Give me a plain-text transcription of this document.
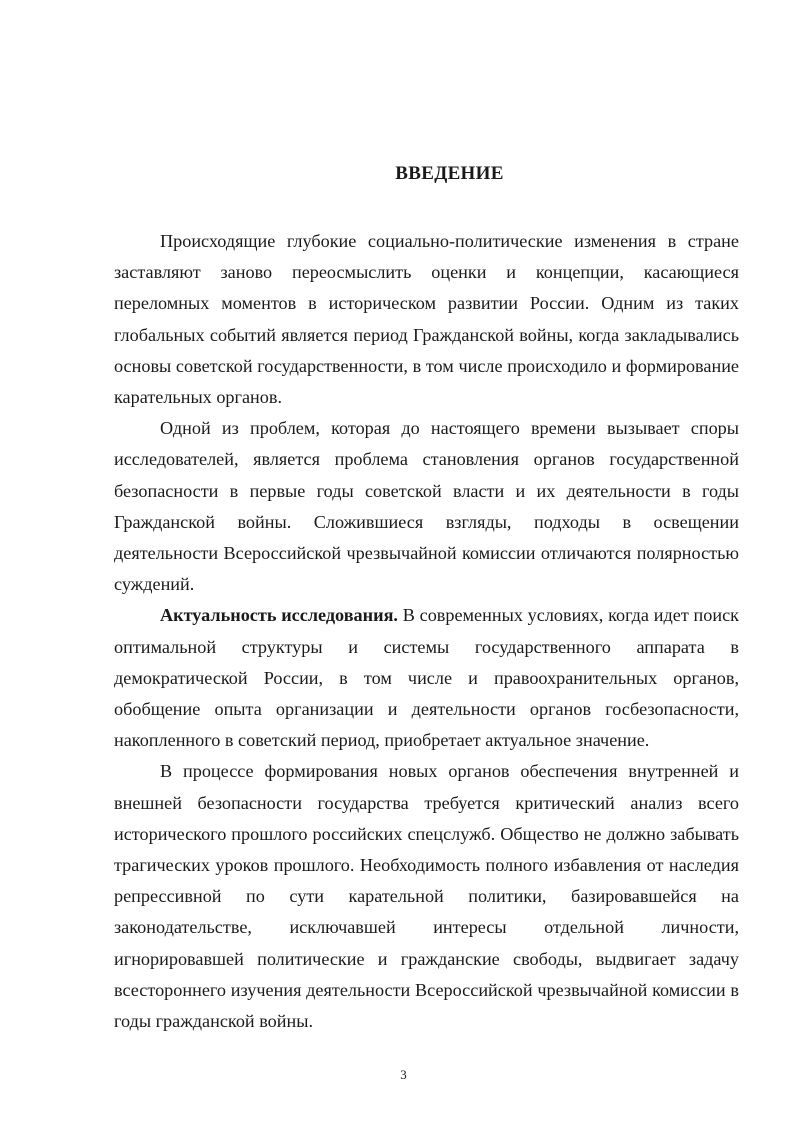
ВВЕДЕНИЕ

Происходящие глубокие социально-политические изменения в стране заставляют заново переосмыслить оценки и концепции, касающиеся переломных моментов в историческом развитии России. Одним из таких глобальных событий является период Гражданской войны, когда закладывались основы советской государственности, в том числе происходило и формирование карательных органов.

Одной из проблем, которая до настоящего времени вызывает споры исследователей, является проблема становления органов государственной безопасности в первые годы советской власти и их деятельности в годы Гражданской войны. Сложившиеся взгляды, подходы в освещении деятельности Всероссийской чрезвычайной комиссии отличаются полярностью суждений.

Актуальность исследования. В современных условиях, когда идет поиск оптимальной структуры и системы государственного аппарата в демократической России, в том числе и правоохранительных органов, обобщение опыта организации и деятельности органов госбезопасности, накопленного в советский период, приобретает актуальное значение.

В процессе формирования новых органов обеспечения внутренней и внешней безопасности государства требуется критический анализ всего исторического прошлого российских спецслужб. Общество не должно забывать трагических уроков прошлого. Необходимость полного избавления от наследия репрессивной по сути карательной политики, базировавшейся на законодательстве, исключавшей интересы отдельной личности, игнорировавшей политические и гражданские свободы, выдвигает задачу всестороннего изучения деятельности Всероссийской чрезвычайной комиссии в годы гражданской войны.

3
